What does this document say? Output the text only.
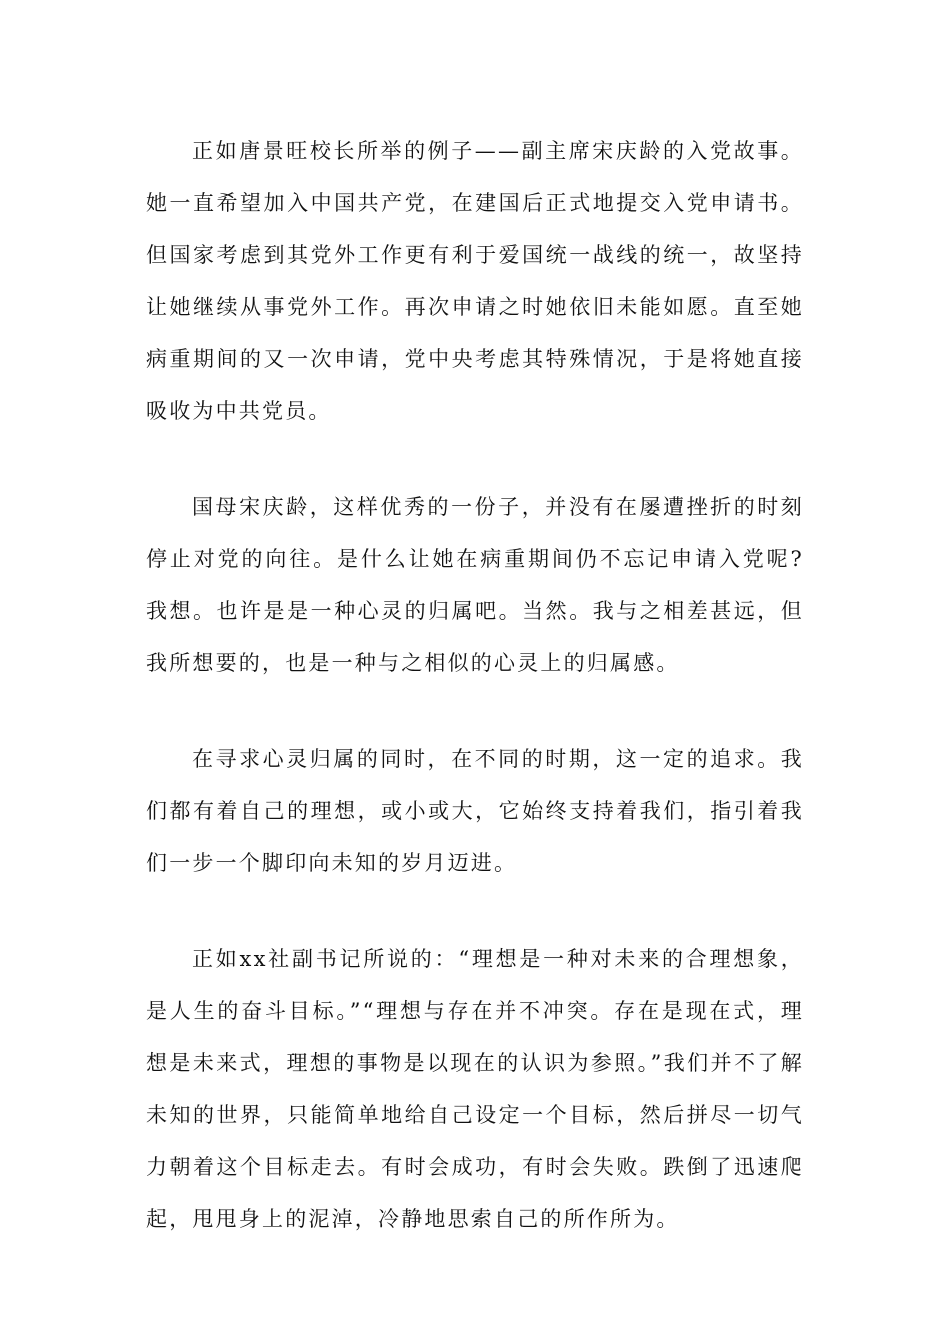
正如唐景旺校长所举的例子——副主席宋庆龄的入党故事。她一直希望加入中国共产党，在建国后正式地提交入党申请书。但国家考虑到其党外工作更有利于爱国统一战线的统一，故坚持让她继续从事党外工作。再次申请之时她依旧未能如愿。直至她病重期间的又一次申请，党中央考虑其特殊情况，于是将她直接吸收为中共党员。

国母宋庆龄，这样优秀的一份子，并没有在屡遭挫折的时刻停止对党的向往。是什么让她在病重期间仍不忘记申请入党呢?我想。也许是是一种心灵的归属吧。当然。我与之相差甚远，但我所想要的，也是一种与之相似的心灵上的归属感。

在寻求心灵归属的同时，在不同的时期，这一定的追求。我们都有着自己的理想，或小或大，它始终支持着我们，指引着我们一步一个脚印向未知的岁月迈进。

正如xx社副书记所说的：“理想是一种对未来的合理想象，是人生的奋斗目标。”“理想与存在并不冲突。存在是现在式，理想是未来式，理想的事物是以现在的认识为参照。”我们并不了解未知的世界，只能简单地给自己设定一个目标，然后拼尽一切气力朝着这个目标走去。有时会成功，有时会失败。跌倒了迅速爬起，甩甩身上的泥淖，冷静地思索自己的所作所为。
